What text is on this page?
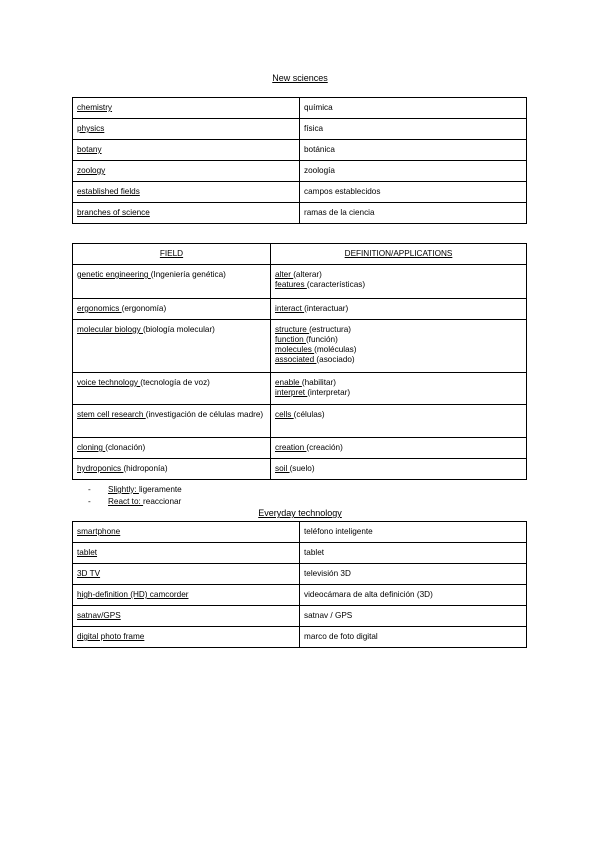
New sciences
chemistry	química
physics	física
botany	botánica
zoology	zoología
established fields	campos establecidos
branches of science	ramas de la ciencia
FIELD	DEFINITION/APPLICATIONS
genetic engineering (Ingeniería genética)	alter (alterar)
features (características)

ergonomics (ergonomía)	interact (interactuar)

molecular biology (biología molecular)	structure (estructura)
function (función)
molecules (moléculas)
associated (asociado)

voice technology (tecnología de voz)	enable (habilitar)
interpret (interpretar)

stem cell research (investigación de células madre)	cells (células)

cloning (clonación)	creation (creación)

hydroponics (hidroponía)	soil (suelo)
- Slightly: ligeramente
- React to: reaccionar
Everyday technology
smartphone	teléfono inteligente
tablet	tablet
3D TV	televisión 3D
high-definition (HD) camcorder	videocámara de alta definición (3D)
satnav/GPS	satnav / GPS
digital photo frame	marco de foto digital
